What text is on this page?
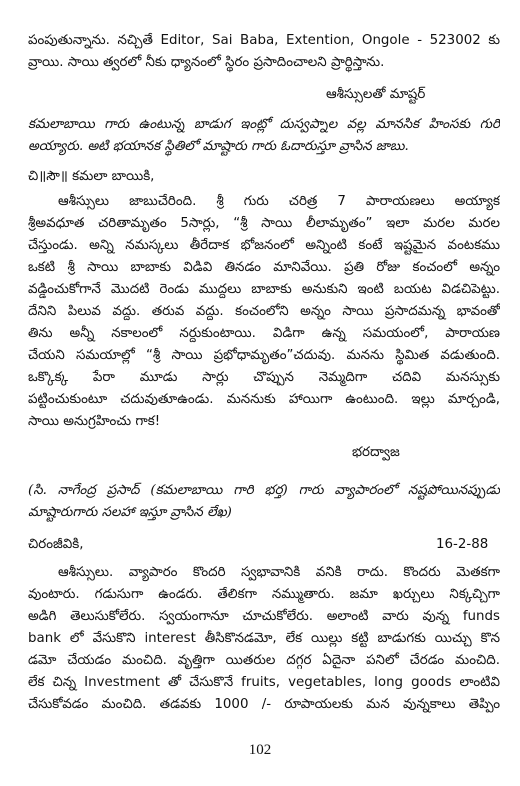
పంపుతున్నాను. నచ్చితే Editor, Sai Baba, Extention, Ongole - 523002 కు
వ్రాయి. సాయి త్వరలో నీకు ధ్యానంలో స్థిరం ప్రసాదించాలని ప్రార్థిస్తాను.
ఆశీస్సులతో మాష్టర్
కమలాబాయి గారు ఉంటున్న బాడుగ ఇంట్లో దుస్వప్నాల వల్ల మానసిక హింసకు గురి
అయ్యారు. అటి భయానక స్థితిలో మాష్టారు గారు ఓదారుస్తూ వ్రాసిన జాబు.
చి॥సౌ॥ కమలా బాయికి,
ఆశీస్సులు జాబుచేరింది. శ్రీ గురు చరిత్ర 7 పారాయణలు అయ్యాక
శ్రీఅవధూత చరితామృతం 5సార్లు, “శ్రీ సాయి లీలామృతం” ఇలా మరల మరల
చేస్తుండు. అన్ని నమస్కలు తీరేదాక భోజనంలో అన్నింటి కంటే ఇష్టమైన వంటకము
ఒకటి శ్రీ సాయి బాబాకు విడివి తినడం మానివేయి. ప్రతి రోజు కంచంలో అన్నం
వడ్డించుకోగానే మొదటి రెండు ముద్దలు బాబాకు అనుకుని ఇంటి బయట విడచిపెట్టు.
దేనిని పిలువ వద్దు. తరువ వద్దు. కంచంలోని అన్నం సాయి ప్రసాదమన్న భావంతో
తిను అన్నీ నకాలంలో నర్దుకుంటాయి. విడిగా ఉన్న సమయంలో, పారాయణ
చేయని సమయాల్లో “శ్రీ సాయి ప్రభోధామృతం”చదువు. మనను స్థిమిత వడుతుంది.
ఒక్కొక్క పేరా మూడు సార్లు చొప్పున నెమ్మదిగా చదివి మనస్సుకు
పట్టించుకుంటూ చదువుతూఉండు. మననుకు హాయిగా ఉంటుంది. ఇల్లు మార్చండి,
సాయి అనుగ్రహించు గాక!
భరద్వాజ
(సి. నాగేంద్ర ప్రసాద్ (కమలాబాయి గారి భర్త) గారు వ్యాపారంలో నష్టపోయినప్పుడు
మాష్టారుగారు సలహా ఇస్తూ వ్రాసిన లేఖ)
చిరంజీవికి,	16-2-88
ఆశీస్సులు. వ్యాపారం కొందరి స్వభావానికి వనికి రాదు. కొందరు మెతకగా
వుంటారు. గడుసుగా ఉండరు. తేలికగా నమ్ముతారు. జమా ఖర్చులు నిక్కచ్చిగా
అడిగి తెలుసుకోలేరు. స్వయంగానూ చూచుకోలేరు. అలాంటి వారు వున్న funds
bank లో వేసుకొని interest తీసికొనడమో, లేక యిల్లు కట్టి బాడుగకు యిచ్చు కొన
డమో చేయడం మంచిది. వృత్తిగా యితరుల దగ్గర ఏదైనా పనిలో చేరడం మంచిది.
లేక చిన్న Investment తో చేసుకొనే fruits, vegetables, long goods లాంటివి
చేసుకోవడం మంచిది. తడవకు 1000 /- రూపాయలకు మన వున్నకాలు తెప్పిం
102
